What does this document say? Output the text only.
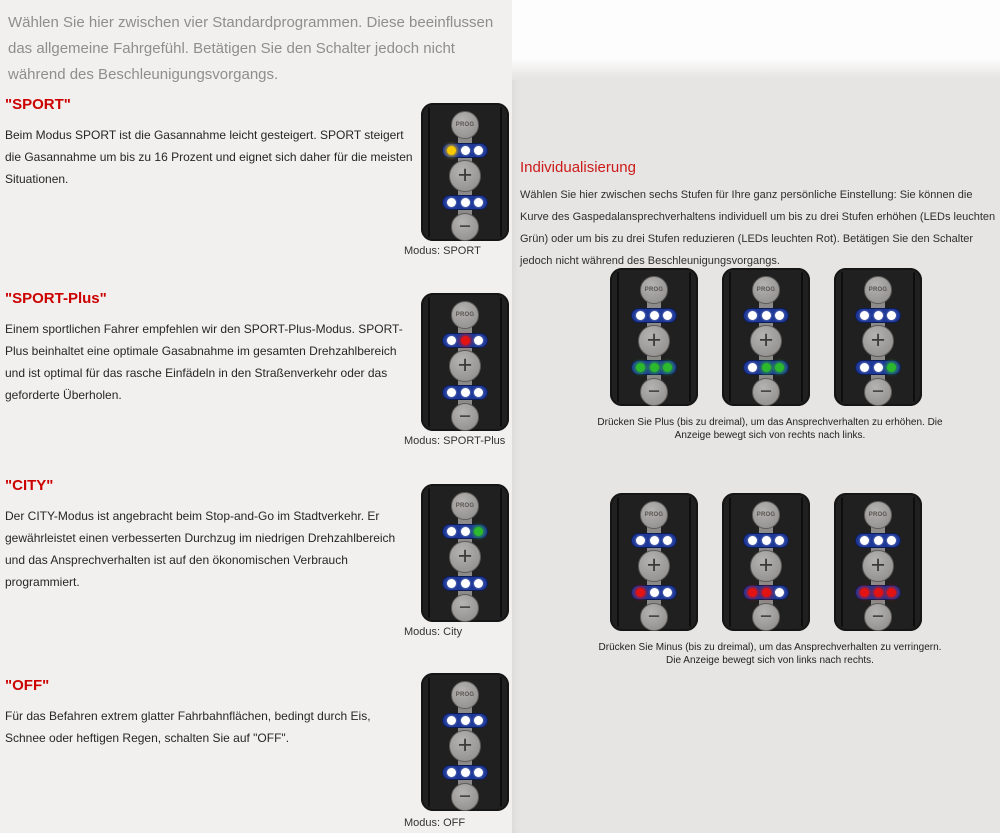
Wählen Sie hier zwischen vier Standardprogrammen. Diese beeinflussen das allgemeine Fahrgefühl. Betätigen Sie den Schalter jedoch nicht während des Beschleunigungsvorgangs.

"SPORT"

Beim Modus SPORT ist die Gasannahme leicht gesteigert. SPORT steigert die Gasannahme um bis zu 16 Prozent und eignet sich daher für die meisten Situationen.

"SPORT-Plus"

Einem sportlichen Fahrer empfehlen wir den SPORT-Plus-Modus. SPORT-Plus beinhaltet eine optimale Gasabnahme im gesamten Drehzahlbereich und ist optimal für das rasche Einfädeln in den Straßenverkehr oder das geforderte Überholen.

"CITY"

Der CITY-Modus ist angebracht beim Stop-and-Go im Stadtverkehr. Er gewährleistet einen verbesserten Durchzug im niedrigen Drehzahlbereich und das Ansprechverhalten ist auf den ökonomischen Verbrauch programmiert.

"OFF"

Für das Befahren extrem glatter Fahrbahnflächen, bedingt durch Eis, Schnee oder heftigen Regen, schalten Sie auf "OFF".

PROG
+
−
Modus: SPORT
PROG
+
−
Modus: SPORT-Plus
PROG
+
−
Modus: City
PROG
+
−
Modus: OFF
Individualisierung

Wählen Sie hier zwischen sechs Stufen für Ihre ganz persönliche Einstellung: Sie können die Kurve des Gaspedalansprechverhaltens individuell um bis zu drei Stufen erhöhen (LEDs leuchten Grün) oder um bis zu drei Stufen reduzieren (LEDs leuchten Rot). Betätigen Sie den Schalter jedoch nicht während des Beschleunigungsvorgangs.

PROG
+
−
PROG
+
−
PROG
+
−
Drücken Sie Plus (bis zu dreimal), um das Ansprechverhalten zu erhöhen. Die Anzeige bewegt sich von rechts nach links.
PROG
+
−
PROG
+
−
PROG
+
−
Drücken Sie Minus (bis zu dreimal), um das Ansprechverhalten zu verringern. Die Anzeige bewegt sich von links nach rechts.
